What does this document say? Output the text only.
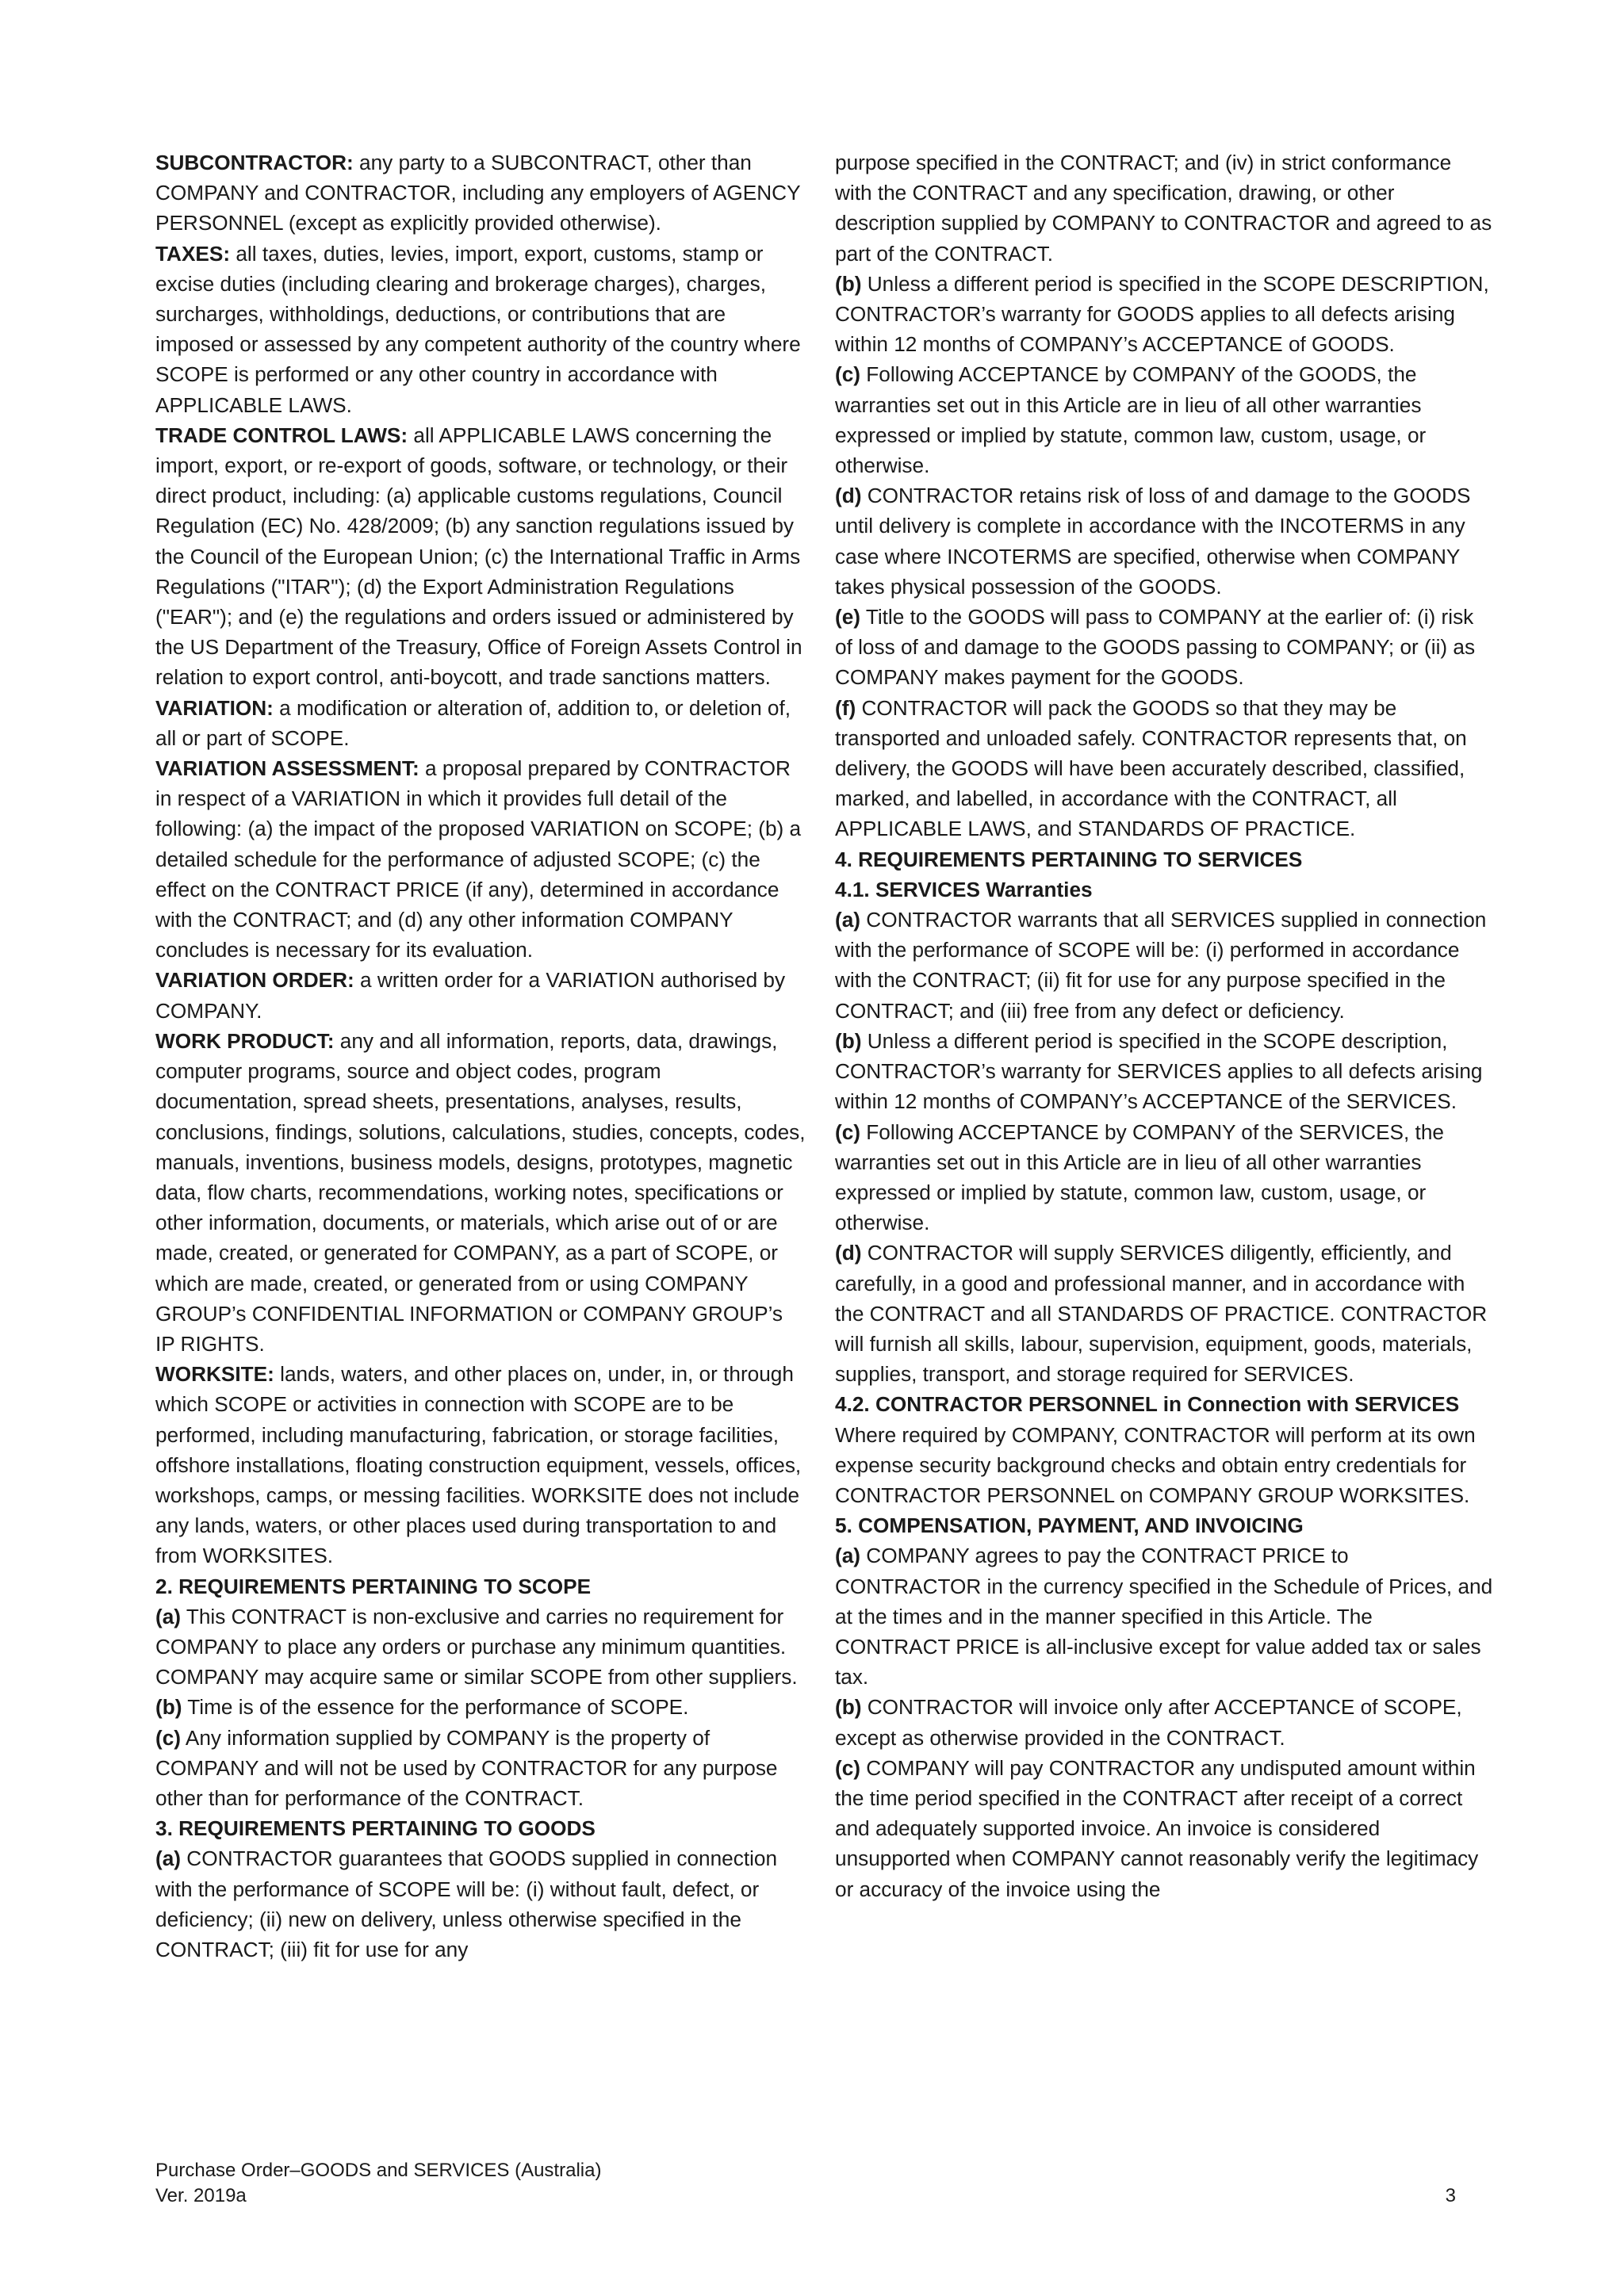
SUBCONTRACTOR: any party to a SUBCONTRACT, other than COMPANY and CONTRACTOR, including any employers of AGENCY PERSONNEL (except as explicitly provided otherwise).

TAXES: all taxes, duties, levies, import, export, customs, stamp or excise duties (including clearing and brokerage charges), charges, surcharges, withholdings, deductions, or contributions that are imposed or assessed by any competent authority of the country where SCOPE is performed or any other country in accordance with APPLICABLE LAWS.

TRADE CONTROL LAWS: all APPLICABLE LAWS concerning the import, export, or re-export of goods, software, or technology, or their direct product, including: (a) applicable customs regulations, Council Regulation (EC) No. 428/2009; (b) any sanction regulations issued by the Council of the European Union; (c) the International Traffic in Arms Regulations ("ITAR"); (d) the Export Administration Regulations ("EAR"); and (e) the regulations and orders issued or administered by the US Department of the Treasury, Office of Foreign Assets Control in relation to export control, anti-boycott, and trade sanctions matters.

VARIATION: a modification or alteration of, addition to, or deletion of, all or part of SCOPE.

VARIATION ASSESSMENT: a proposal prepared by CONTRACTOR in respect of a VARIATION in which it provides full detail of the following: (a) the impact of the proposed VARIATION on SCOPE; (b) a detailed schedule for the performance of adjusted SCOPE; (c) the effect on the CONTRACT PRICE (if any), determined in accordance with the CONTRACT; and (d) any other information COMPANY concludes is necessary for its evaluation.

VARIATION ORDER: a written order for a VARIATION authorised by COMPANY.

WORK PRODUCT: any and all information, reports, data, drawings, computer programs, source and object codes, program documentation, spread sheets, presentations, analyses, results, conclusions, findings, solutions, calculations, studies, concepts, codes, manuals, inventions, business models, designs, prototypes, magnetic data, flow charts, recommendations, working notes, specifications or other information, documents, or materials, which arise out of or are made, created, or generated for COMPANY, as a part of SCOPE, or which are made, created, or generated from or using COMPANY GROUP’s CONFIDENTIAL INFORMATION or COMPANY GROUP’s IP RIGHTS.

WORKSITE: lands, waters, and other places on, under, in, or through which SCOPE or activities in connection with SCOPE are to be performed, including manufacturing, fabrication, or storage facilities, offshore installations, floating construction equipment, vessels, offices, workshops, camps, or messing facilities. WORKSITE does not include any lands, waters, or other places used during transportation to and from WORKSITES.

2. REQUIREMENTS PERTAINING TO SCOPE

(a) This CONTRACT is non-exclusive and carries no requirement for COMPANY to place any orders or purchase any minimum quantities. COMPANY may acquire same or similar SCOPE from other suppliers.

(b) Time is of the essence for the performance of SCOPE.

(c) Any information supplied by COMPANY is the property of COMPANY and will not be used by CONTRACTOR for any purpose other than for performance of the CONTRACT.

3. REQUIREMENTS PERTAINING TO GOODS

(a) CONTRACTOR guarantees that GOODS supplied in connection with the performance of SCOPE will be: (i) without fault, defect, or deficiency; (ii) new on delivery, unless otherwise specified in the CONTRACT; (iii) fit for use for any

purpose specified in the CONTRACT; and (iv) in strict conformance with the CONTRACT and any specification, drawing, or other description supplied by COMPANY to CONTRACTOR and agreed to as part of the CONTRACT.

(b) Unless a different period is specified in the SCOPE DESCRIPTION, CONTRACTOR’s warranty for GOODS applies to all defects arising within 12 months of COMPANY’s ACCEPTANCE of GOODS.

(c) Following ACCEPTANCE by COMPANY of the GOODS, the warranties set out in this Article are in lieu of all other warranties expressed or implied by statute, common law, custom, usage, or otherwise.

(d) CONTRACTOR retains risk of loss of and damage to the GOODS until delivery is complete in accordance with the INCOTERMS in any case where INCOTERMS are specified, otherwise when COMPANY takes physical possession of the GOODS.

(e) Title to the GOODS will pass to COMPANY at the earlier of: (i) risk of loss of and damage to the GOODS passing to COMPANY; or (ii) as COMPANY makes payment for the GOODS.

(f) CONTRACTOR will pack the GOODS so that they may be transported and unloaded safely. CONTRACTOR represents that, on delivery, the GOODS will have been accurately described, classified, marked, and labelled, in accordance with the CONTRACT, all APPLICABLE LAWS, and STANDARDS OF PRACTICE.

4. REQUIREMENTS PERTAINING TO SERVICES

4.1. SERVICES Warranties

(a) CONTRACTOR warrants that all SERVICES supplied in connection with the performance of SCOPE will be: (i) performed in accordance with the CONTRACT; (ii) fit for use for any purpose specified in the CONTRACT; and (iii) free from any defect or deficiency.

(b) Unless a different period is specified in the SCOPE description, CONTRACTOR’s warranty for SERVICES applies to all defects arising within 12 months of COMPANY’s ACCEPTANCE of the SERVICES.

(c) Following ACCEPTANCE by COMPANY of the SERVICES, the warranties set out in this Article are in lieu of all other warranties expressed or implied by statute, common law, custom, usage, or otherwise.

(d) CONTRACTOR will supply SERVICES diligently, efficiently, and carefully, in a good and professional manner, and in accordance with the CONTRACT and all STANDARDS OF PRACTICE. CONTRACTOR will furnish all skills, labour, supervision, equipment, goods, materials, supplies, transport, and storage required for SERVICES.

4.2. CONTRACTOR PERSONNEL in Connection with SERVICES

Where required by COMPANY, CONTRACTOR will perform at its own expense security background checks and obtain entry credentials for CONTRACTOR PERSONNEL on COMPANY GROUP WORKSITES.

5. COMPENSATION, PAYMENT, AND INVOICING

(a) COMPANY agrees to pay the CONTRACT PRICE to CONTRACTOR in the currency specified in the Schedule of Prices, and at the times and in the manner specified in this Article. The CONTRACT PRICE is all-inclusive except for value added tax or sales tax.

(b) CONTRACTOR will invoice only after ACCEPTANCE of SCOPE, except as otherwise provided in the CONTRACT.

(c) COMPANY will pay CONTRACTOR any undisputed amount within the time period specified in the CONTRACT after receipt of a correct and adequately supported invoice. An invoice is considered unsupported when COMPANY cannot reasonably verify the legitimacy or accuracy of the invoice using the

Purchase Order–GOODS and SERVICES (Australia)
Ver. 2019a	3
